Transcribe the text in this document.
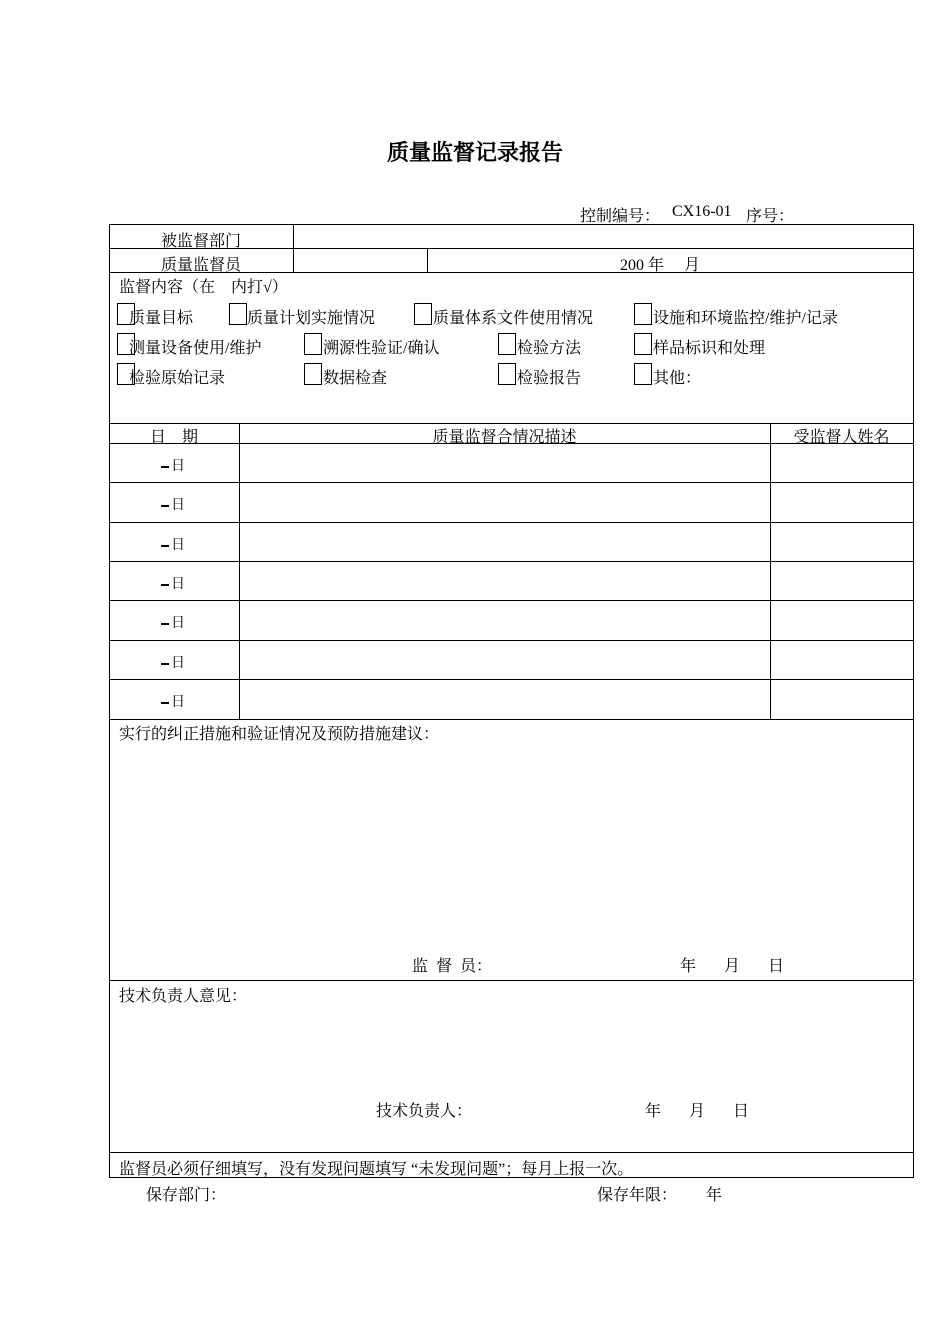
质量监督记录报告
控制编号： CX16-01 序号：
被监督部门
质量监督员	200 年     月
监督内容（在    内打√）
质量目标	质量计划实施情况	质量体系文件使用情况	设施和环境监控/维护/记录
测量设备使用/维护	溯源性验证/确认	检验方法	样品标识和处理
检验原始记录	数据检查	检验报告	其他：
日    期	质量监督合情况描述	受监督人姓名
日
日
日
日
日
日
日
实行的纠正措施和验证情况及预防措施建议：
监  督  员：	年       月       日
技术负责人意见：
技术负责人：	年       月       日
监督员必须仔细填写，没有发现问题填写 “未发现问题”；每月上报一次。
保存部门：	保存年限： 年
